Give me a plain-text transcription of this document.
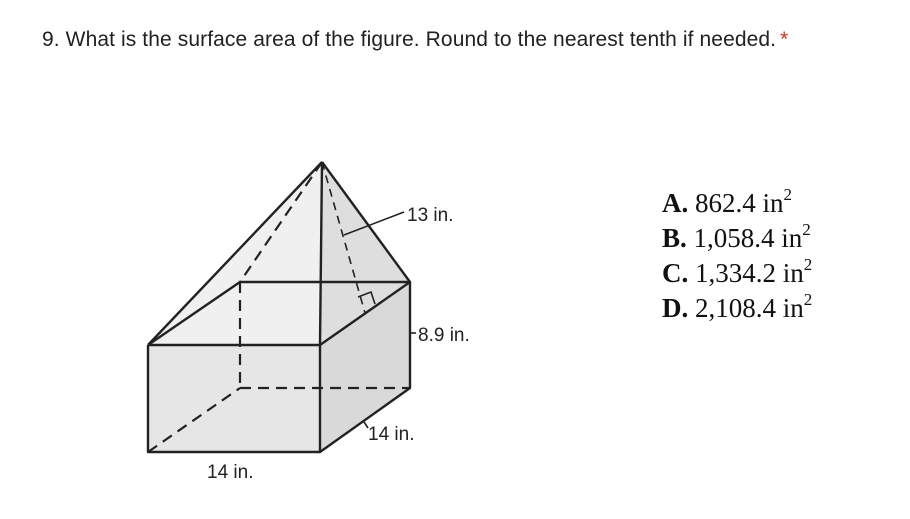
9. What is the surface area of the figure. Round to the nearest tenth if needed. *
13 in.
8.9 in.
14 in.
14 in.
A. 862.4 $in^2$
B. 1,058.4 $in^2$
C. 1,334.2 $in^2$
D. 2,108.4 $in^2$
